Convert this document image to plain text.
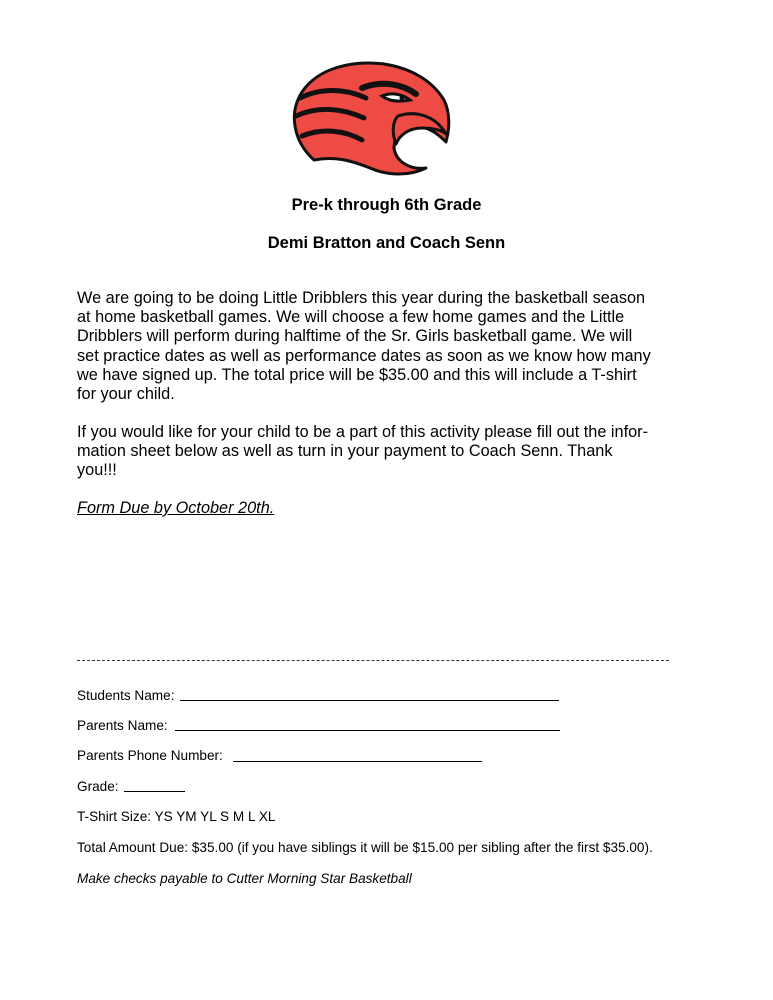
Pre-k through 6th Grade
Demi Bratton and Coach Senn

We are going to be doing Little Dribblers this year during the basketball season
at home basketball games. We will choose a few home games and the Little
Dribblers will perform during halftime of the Sr. Girls basketball game. We will
set practice dates as well as performance dates as soon as we know how many
we have signed up. The total price will be $35.00 and this will include a T-shirt
for your child.

If you would like for your child to be a part of this activity please fill out the infor-
mation sheet below as well as turn in your payment to Coach Senn. Thank
you!!!

Form Due by October 20th.
Students Name:
Parents Name:
Parents Phone Number:
Grade:
T-Shirt Size: YS YM YL S M L XL
Total Amount Due: $35.00 (if you have siblings it will be $15.00 per sibling after the first $35.00).
Make checks payable to Cutter Morning Star Basketball
